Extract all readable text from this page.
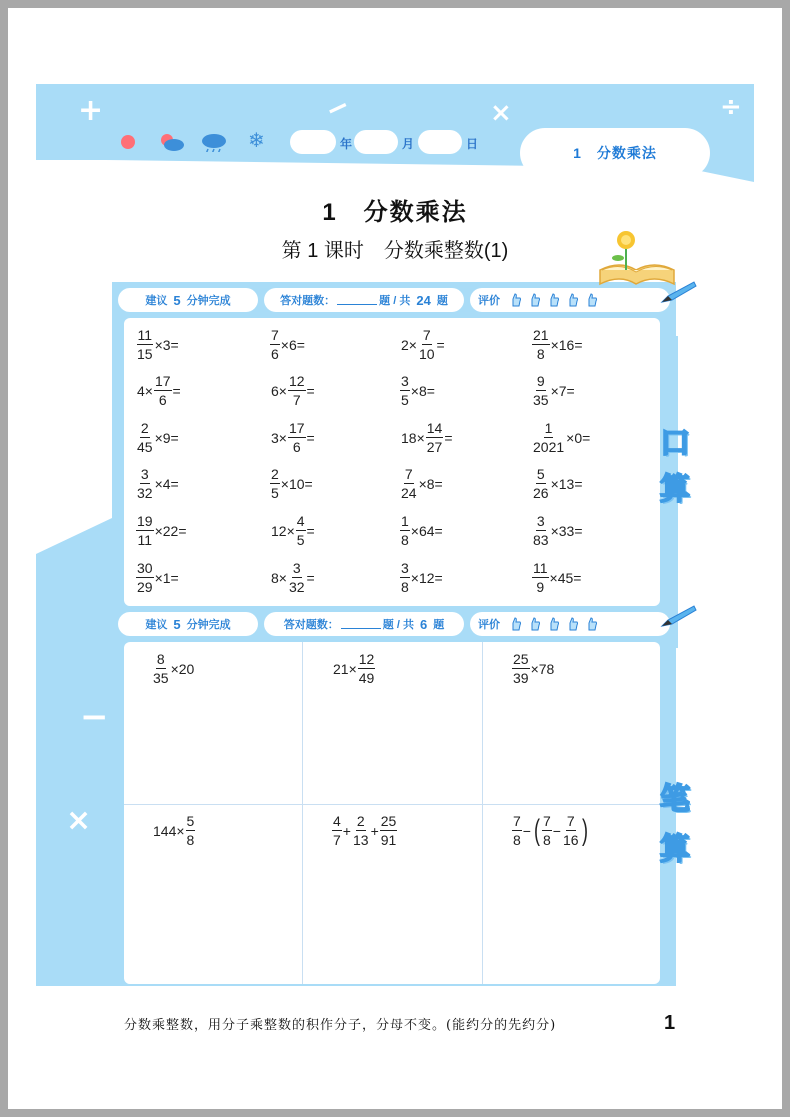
+	−	×	÷
❄	年	月	日
1　分数乘法
1　分数乘法
第 1 课时　分数乘整数(1)
建议 5 分钟完成	答对题数：	题 / 共 24 题	评价
$\frac{11}{15} \times 3=$	$\frac{7}{6} \times 6=$	$2\times \frac{7}{10}$ =	$\frac{21}{8} \times 16=$
$4\times \frac{17}{6}$ =	$6\times \frac{12}{7}$ =	$\frac{3}{5} \times 8=$	$\frac{9}{35} \times 7=$
$\frac{2}{45} \times 9=$	$3\times \frac{17}{6}$ =	$18\times \frac{14}{27}$ =	$\frac{1}{2021} \times 0=$
$\frac{3}{32} \times 4=$	$\frac{2}{5} \times 10=$	$\frac{7}{24} \times 8=$	$\frac{5}{26} \times 13=$
$\frac{19}{11} \times 22=$	$12\times \frac{4}{5}$ =	$\frac{1}{8} \times 64=$	$\frac{3}{83} \times 33=$
$\frac{30}{29} \times 1=$	$8\times \frac{3}{32}$ =	$\frac{3}{8} \times 12=$	$\frac{11}{9} \times 45=$
口
算
建议 5 分钟完成	答对题数：	题 / 共 6 题	评价
$\frac{8}{35} \times 20$	$21\times \frac{12}{49}$	$\frac{25}{39} \times 78$
$144\times \frac{5}{8}$	$\frac{4}{7} + \frac{2}{13} + \frac{25}{91}$	$\frac{7}{8}$ − ( $\frac{7}{8} - \frac{7}{16}$ )
−
×
笔
算
分数乘整数，用分子乘整数的积作分子，分母不变。(能约分的先约分)	1
